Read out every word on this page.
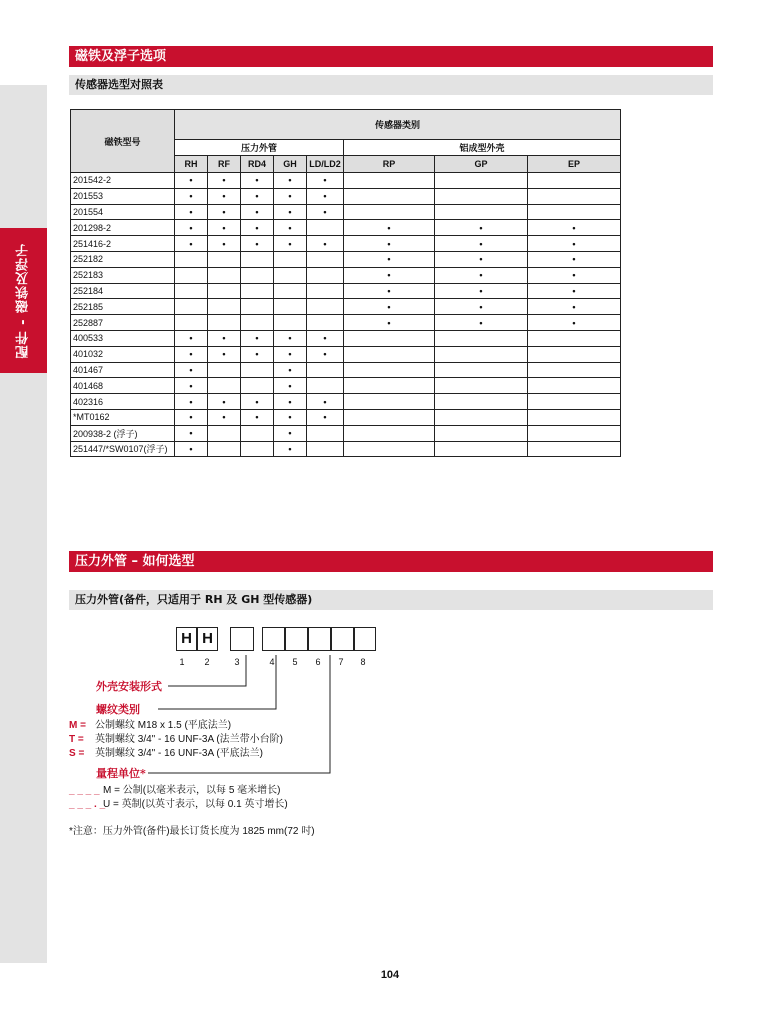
配件 - 磁铁及浮子
磁铁及浮子选项
传感器选型对照表
磁铁型号	传感器类别							
	压力外管					铝成型外壳		
	RH	RF	RD4	GH	LD/LD2	RP	GP	EP
201542-2	•	•	•	•	•			
201553	•	•	•	•	•			
201554	•	•	•	•	•			
201298-2	•	•	•	•		•	•	•
251416-2	•	•	•	•	•	•	•	•
252182						•	•	•
252183						•	•	•
252184						•	•	•
252185						•	•	•
252887						•	•	•
400533	•	•	•	•	•			
401032	•	•	•	•	•			
401467	•			•				
401468	•			•				
402316	•	•	•	•	•			
*MT0162	•	•	•	•	•			
200938-2 (浮子)	•			•				
251447/*SW0107(浮子)	•			•				
压力外管 – 如何选型
压力外管(备件，只适用于 RH 及 GH 型传感器)
H H
1 2	3	4 5 6 7 8
外壳安装形式
螺纹类别
M = 公制螺纹 M18 x 1.5 (平底法兰)
T = 英制螺纹 3/4" - 16 UNF-3A (法兰带小台阶)
S = 英制螺纹 3/4" - 16 UNF-3A (平底法兰)
量程单位*
_ _ _ _ M = 公制(以毫米表示，以每 5 毫米增长)
_ _ _ . _U = 英制(以英寸表示，以每 0.1 英寸增长)
*注意：压力外管(备件)最长订货长度为 1825 mm(72 吋)
104
